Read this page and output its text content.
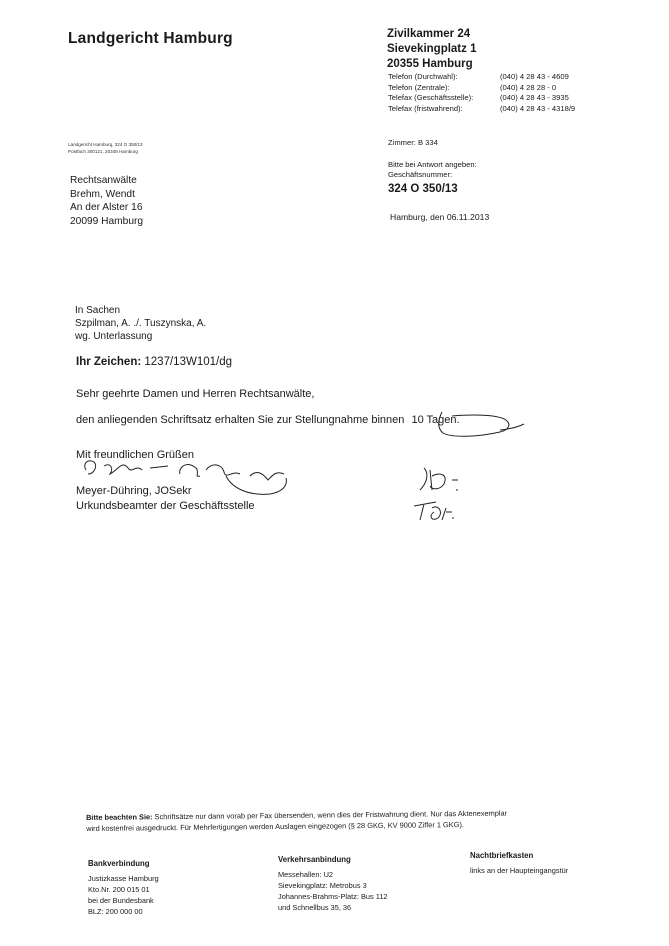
Landgericht Hamburg	Zivilkammer 24
Sievekingplatz 1
20355 Hamburg
Telefon (Durchwahl):	(040) 4 28 43 - 4609
Telefon (Zentrale):	(040) 4 28 28 - 0
Telefax (Geschäftsstelle):	(040) 4 28 43 - 3935
Telefax (fristwahrend):	(040) 4 28 43 - 4318/9
Landgericht Hamburg, 324 O 350/13
Postfach 300121, 20348 Hamburg
Zimmer: B 334
Bitte bei Antwort angeben:
Geschäftsnummer:
324 O 350/13
Hamburg, den 06.11.2013
Rechtsanwälte
Brehm, Wendt
An der Alster 16
20099 Hamburg
In Sachen
Szpilman, A. ./. Tuszynska, A.
wg. Unterlassung
Ihr Zeichen: 1237/13W101/dg
Sehr geehrte Damen und Herren Rechtsanwälte,
den anliegenden Schriftsatz erhalten Sie zur Stellungnahme binnen 10 Tagen.
Mit freundlichen Grüßen
Meyer-Dühring, JOSekr
Urkundsbeamter der Geschäftsstelle
Bitte beachten Sie: Schriftsätze nur dann vorab per Fax übersenden, wenn dies der Fristwahrung dient. Nur das Aktenexemplar
wird kostenfrei ausgedruckt. Für Mehrfertigungen werden Auslagen eingezogen (§ 28 GKG, KV 9000 Ziffer 1 GKG).
Bankverbindung
Justizkasse Hamburg
Kto.Nr. 200 015 01
bei der Bundesbank
BLZ: 200 000 00
Verkehrsanbindung
Messehallen: U2
Sievekingplatz: Metrobus 3
Johannes-Brahms-Platz: Bus 112
und Schnellbus 35, 36
Nachtbriefkasten
links an der Haupteingangstür
